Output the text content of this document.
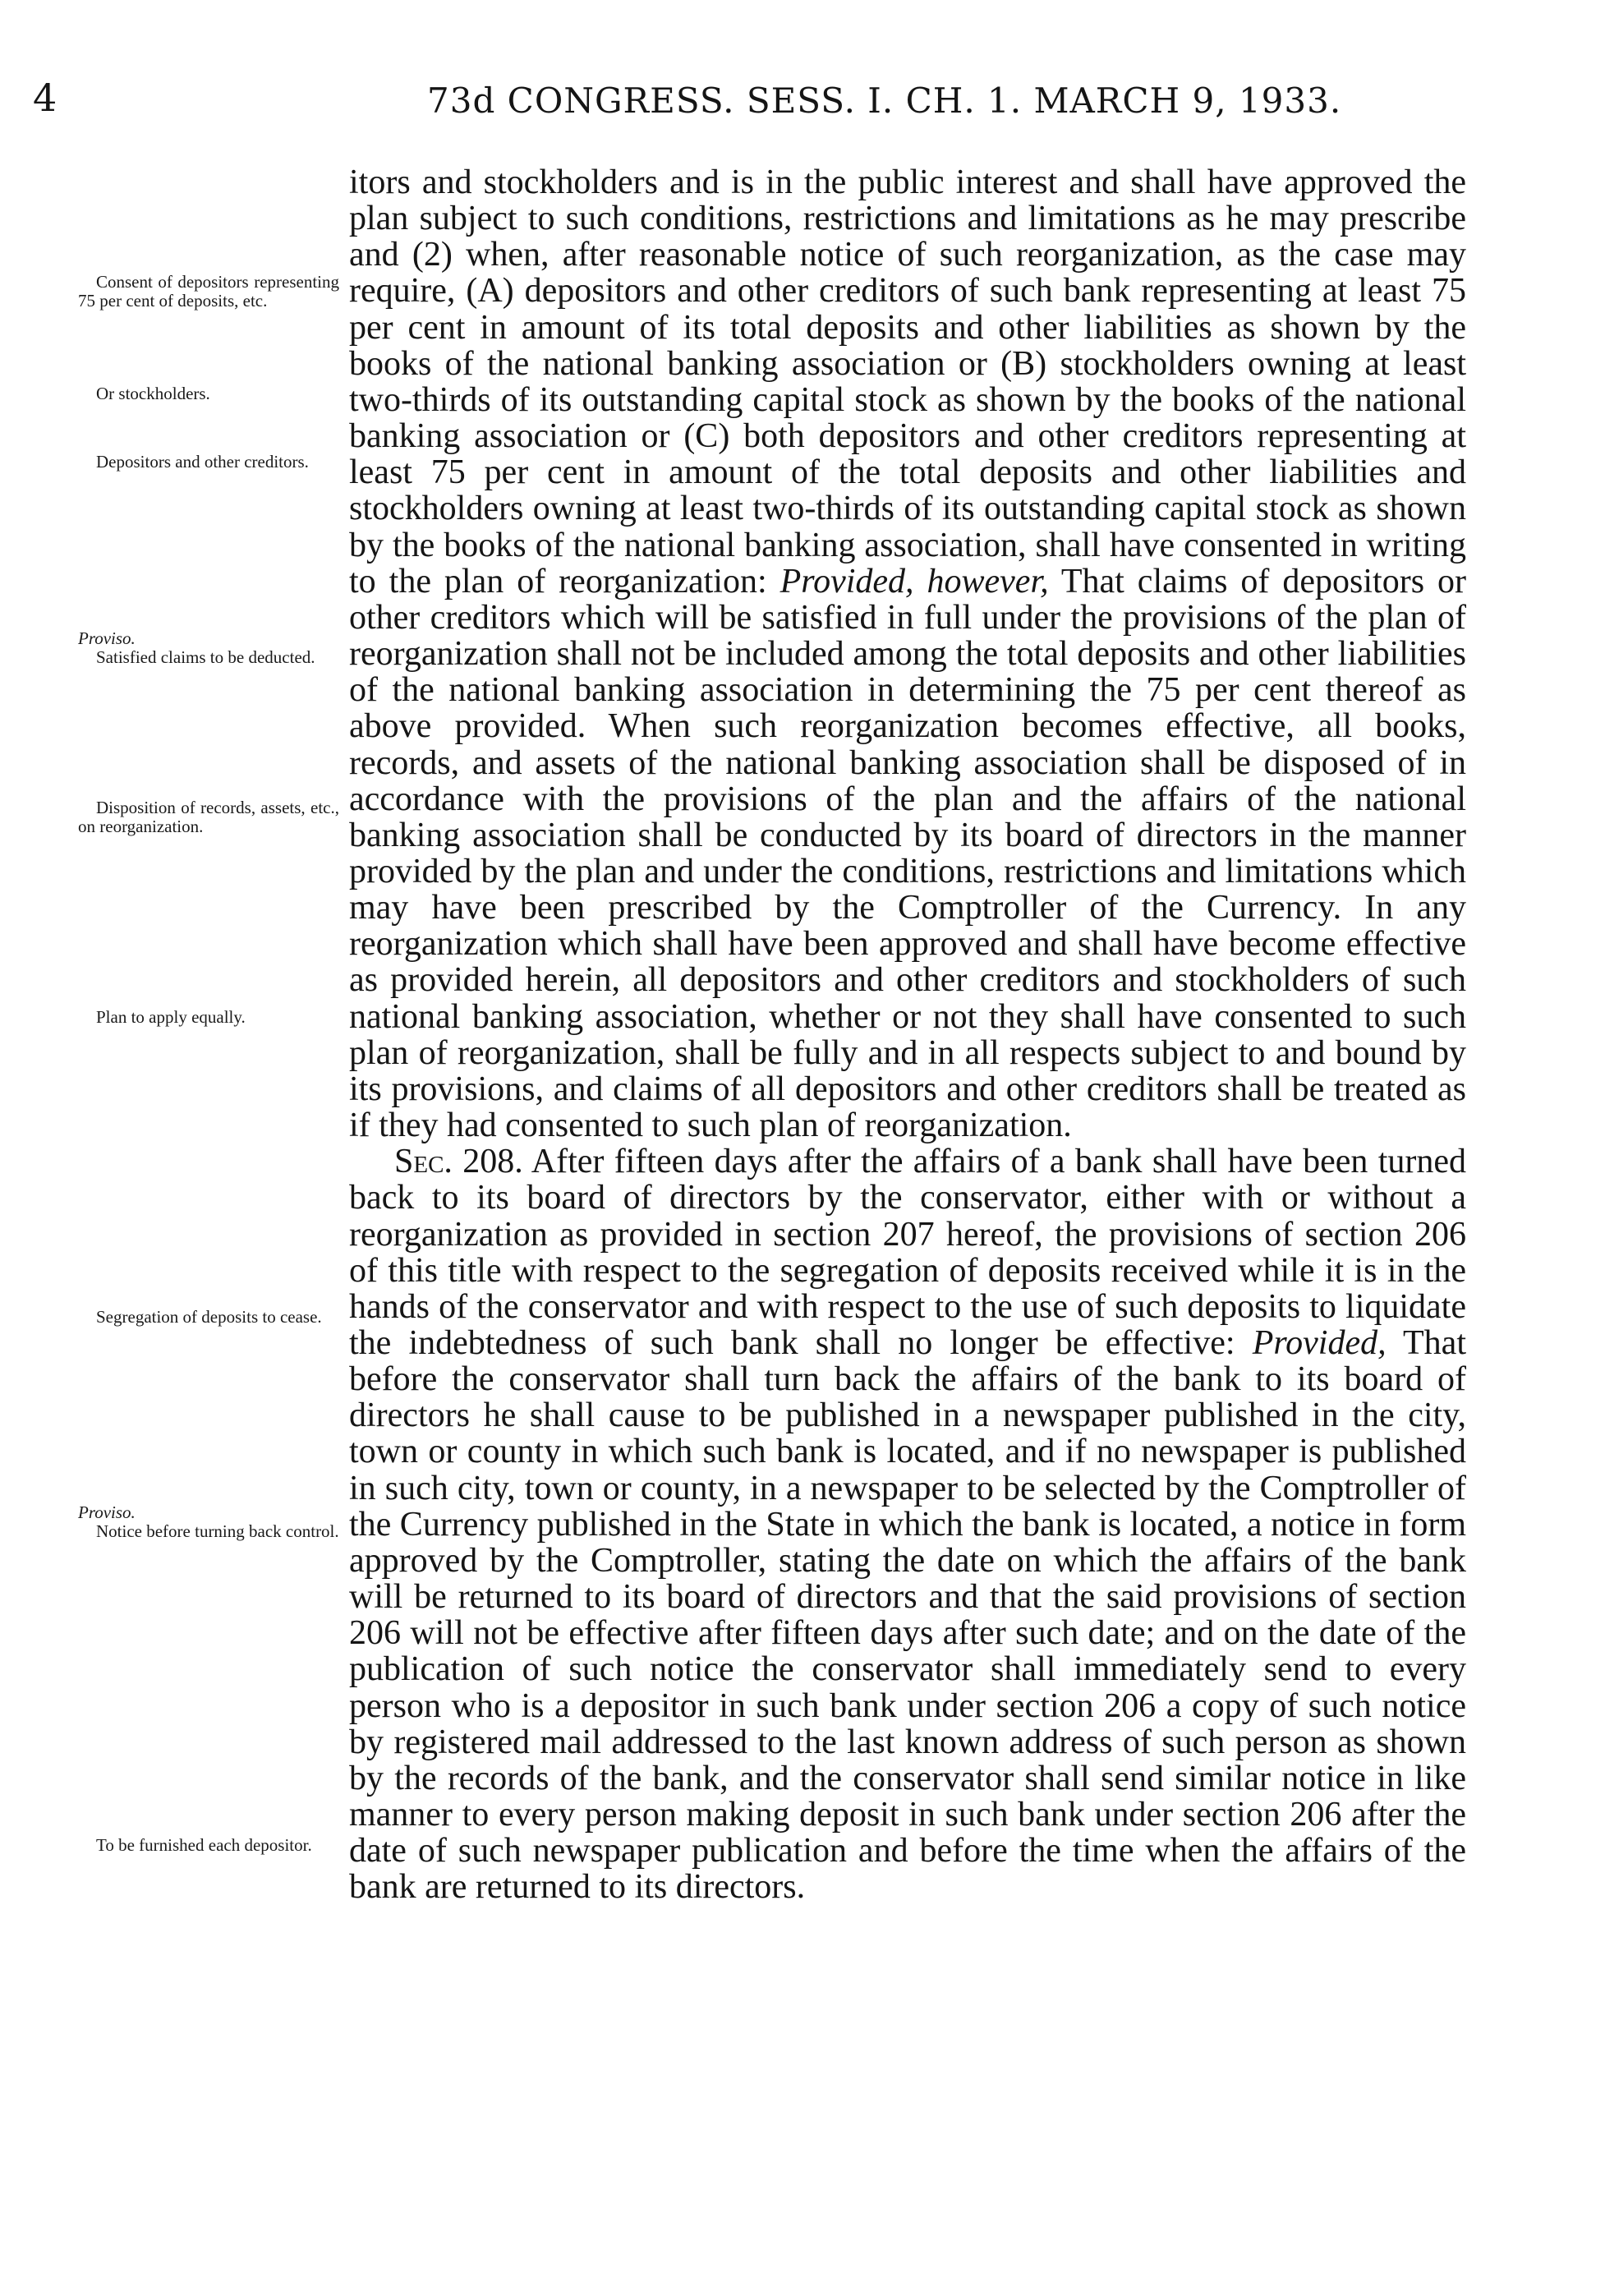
4	73d CONGRESS. SESS. I. CH. 1. MARCH 9, 1933.
Consent of depositors representing 75 per cent of deposits, etc.
Or stockholders.
Depositors and other creditors.
Proviso.
Satisfied claims to be deducted.
Disposition of records, assets, etc., on reorganization.
Plan to apply equally.
Segregation of deposits to cease.
Proviso.
Notice before turning back control.
To be furnished each depositor.

itors and stockholders and is in the public interest and shall have approved the plan subject to such conditions, restrictions and limitations as he may prescribe and (2) when, after reasonable notice of such reorganization, as the case may require, (A) depositors and other creditors of such bank representing at least 75 per cent in amount of its total deposits and other liabilities as shown by the books of the national banking association or (B) stockholders owning at least two-thirds of its outstanding capital stock as shown by the books of the national banking association or (C) both depositors and other creditors representing at least 75 per cent in amount of the total deposits and other liabilities and stockholders owning at least two-thirds of its outstanding capital stock as shown by the books of the national banking association, shall have consented in writing to the plan of reorganization: Provided, however, That claims of depositors or other creditors which will be satisfied in full under the provisions of the plan of reorganization shall not be included among the total deposits and other liabilities of the national banking association in determining the 75 per cent thereof as above provided. When such reorganization becomes effective, all books, records, and assets of the national banking association shall be disposed of in accordance with the provisions of the plan and the affairs of the national banking association shall be conducted by its board of directors in the manner provided by the plan and under the conditions, restrictions and limitations which may have been prescribed by the Comptroller of the Currency. In any reorganization which shall have been approved and shall have become effective as provided herein, all depositors and other creditors and stockholders of such national banking association, whether or not they shall have consented to such plan of reorganization, shall be fully and in all respects subject to and bound by its provisions, and claims of all depositors and other creditors shall be treated as if they had consented to such plan of reorganization.

Sec. 208. After fifteen days after the affairs of a bank shall have been turned back to its board of directors by the conservator, either with or without a reorganization as provided in section 207 hereof, the provisions of section 206 of this title with respect to the segregation of deposits received while it is in the hands of the conservator and with respect to the use of such deposits to liquidate the indebtedness of such bank shall no longer be effective: Provided, That before the conservator shall turn back the affairs of the bank to its board of directors he shall cause to be published in a newspaper published in the city, town or county in which such bank is located, and if no newspaper is published in such city, town or county, in a newspaper to be selected by the Comptroller of the Currency published in the State in which the bank is located, a notice in form approved by the Comptroller, stating the date on which the affairs of the bank will be returned to its board of directors and that the said provisions of section 206 will not be effective after fifteen days after such date; and on the date of the publication of such notice the conservator shall immediately send to every person who is a depositor in such bank under section 206 a copy of such notice by registered mail addressed to the last known address of such person as shown by the records of the bank, and the conservator shall send similar notice in like manner to every person making deposit in such bank under section 206 after the date of such newspaper publication and before the time when the affairs of the bank are returned to its directors.
